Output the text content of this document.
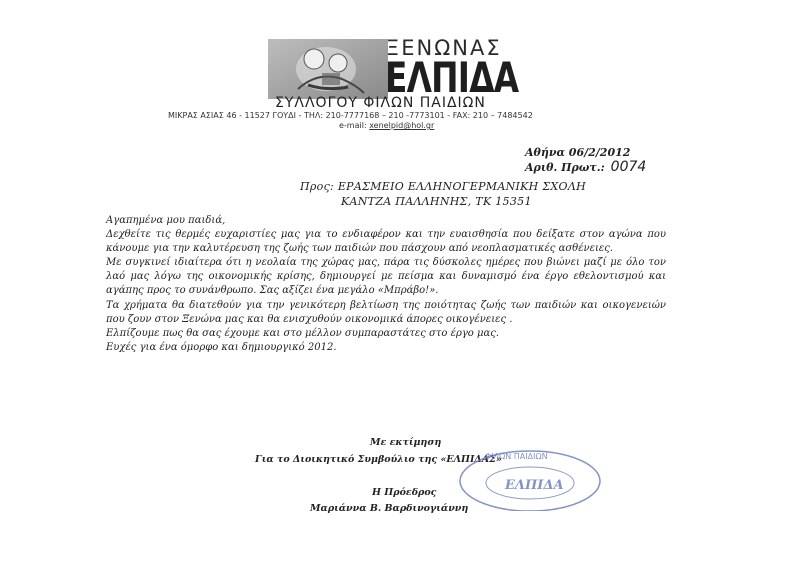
ΞΕΝΩΝΑΣ
ΕΛΠΙΔΑ
ΣΥΛΛΟΓΟΥ ΦΙΛΩΝ ΠΑΙΔΙΩΝ
ΜΙΚΡΑΣ ΑΣΙΑΣ 46 - 11527 ΓΟΥΔΙ - ΤΗΛ: 210-7777168 – 210 -7773101 - FAX: 210 – 7484542
e-mail: xenelpid@hol.gr
Αθήνα 06/2/2012
Αριθ. Πρωτ.: 0074
Προς: ΕΡΑΣΜΕΙΟ ΕΛΛΗΝΟΓΕΡΜΑΝΙΚΗ ΣΧΟΛΗ
ΚΑΝΤΖΑ ΠΑΛΛΗΝΗΣ, ΤΚ 15351

Αγαπημένα μου παιδιά,

Δεχθείτε τις θερμές ευχαριστίες μας για το ενδιαφέρον και την ευαισθησία που δείξατε στον αγώνα που κάνουμε για την καλυτέρευση της ζωής των παιδιών που πάσχουν από νεοπλασματικές ασθένειες.

Με συγκινεί ιδιαίτερα ότι η νεολαία της χώρας μας, πάρα τις δύσκολες ημέρες που βιώνει μαζί με όλο τον λαό μας λόγω της οικονομικής κρίσης, δημιουργεί με πείσμα και δυναμισμό ένα έργο εθελοντισμού και αγάπης προς το συνάνθρωπο. Σας αξίζει ένα μεγάλο «Μπράβο!».

Τα χρήματα θα διατεθούν για την γενικότερη βελτίωση της ποιότητας ζωής των παιδιών και οικογενειών που ζουν στον Ξενώνα μας και θα ενισχυθούν οικονομικά άπορες οικογένειες .

Ελπίζουμε πως θα σας έχουμε και στο μέλλον συμπαραστάτες στο έργο μας.

Ευχές για ένα όμορφο και δημιουργικό 2012.

Με εκτίμηση
Για το Διοικητικό Συμβούλιο της «ΕΛΠΙΔΑΣ»
Η Πρόεδρος
Μαριάννα Β. Βαρδινογιάννη
ΦΙΛΩΝ ΠΑΙΔΙΩΝ
ΕΛΠΙΔΑ
